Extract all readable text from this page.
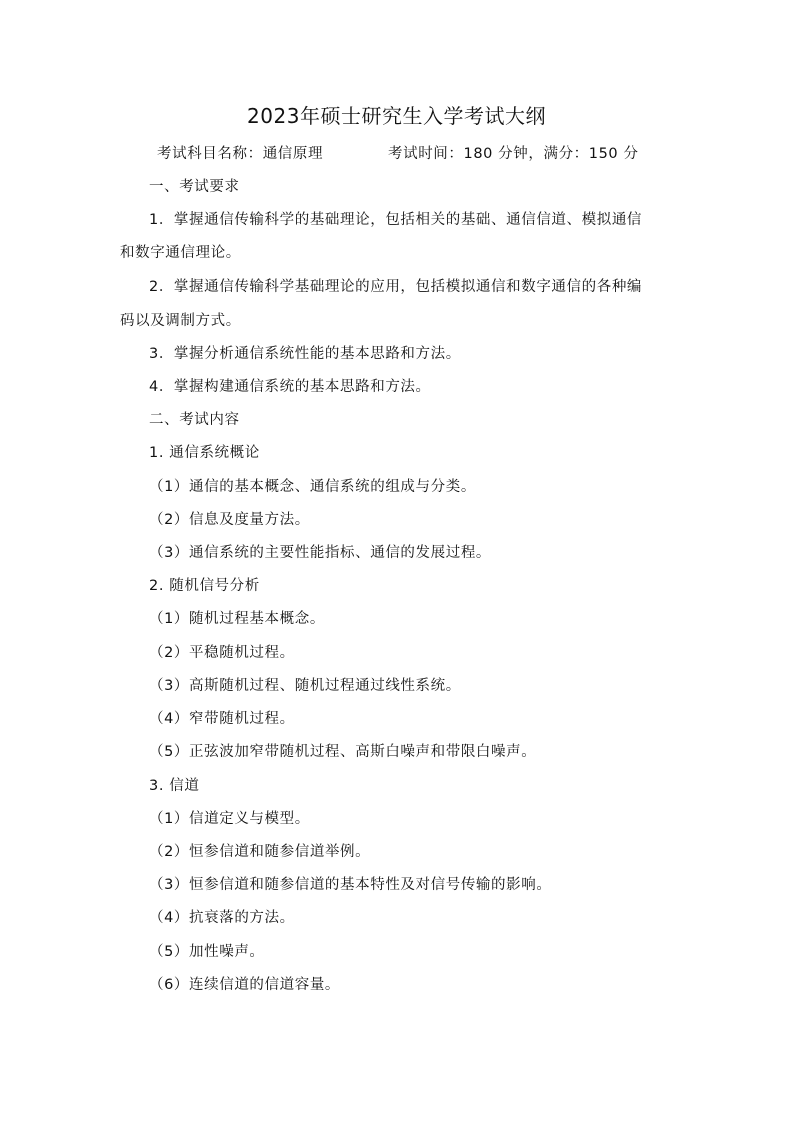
2023年硕士研究生入学考试大纲
考试科目名称：通信原理	考试时间：180 分钟，满分：150 分
一、考试要求
1．掌握通信传输科学的基础理论，包括相关的基础、通信信道、模拟通信
和数字通信理论。
2．掌握通信传输科学基础理论的应用，包括模拟通信和数字通信的各种编
码以及调制方式。
3．掌握分析通信系统性能的基本思路和方法。
4．掌握构建通信系统的基本思路和方法。
二、考试内容
1. 通信系统概论
（1）通信的基本概念、通信系统的组成与分类。
（2）信息及度量方法。
（3）通信系统的主要性能指标、通信的发展过程。
2. 随机信号分析
（1）随机过程基本概念。
（2）平稳随机过程。
（3）高斯随机过程、随机过程通过线性系统。
（4）窄带随机过程。
（5）正弦波加窄带随机过程、高斯白噪声和带限白噪声。
3. 信道
（1）信道定义与模型。
（2）恒参信道和随参信道举例。
（3）恒参信道和随参信道的基本特性及对信号传输的影响。
（4）抗衰落的方法。
（5）加性噪声。
（6）连续信道的信道容量。
